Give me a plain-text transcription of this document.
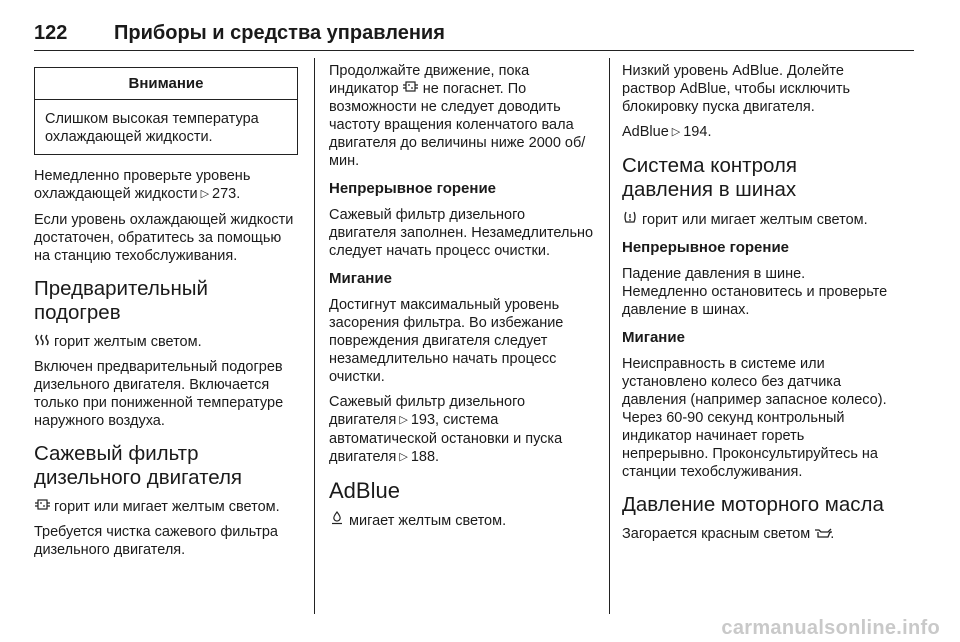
122 Приборы и средства управления
Внимание
Слишком высокая температура охлаждающей жидкости.

Немедленно проверьте уровень охлаждающей жидкости ▷ 273.

Если уровень охлаждающей жидкости достаточен, обратитесь за помощью на станцию техобслуживания.

Предварительный подогрев

горит желтым светом.

Включен предварительный подогрев дизельного двигателя. Включается только при пониженной температуре наружного воздуха.

Сажевый фильтр дизельного двигателя

горит или мигает желтым светом.

Требуется чистка сажевого фильтра дизельного двигателя.

Продолжайте движение, пока индикатор не погаснет. По возможности не следует доводить частоту вращения коленчатого вала двигателя до величины ниже 2000 об/мин.

Непрерывное горение

Сажевый фильтр дизельного двигателя заполнен. Незамедлительно следует начать процесс очистки.

Мигание

Достигнут максимальный уровень засорения фильтра. Во избежание повреждения двигателя следует незамедлительно начать процесс очистки.

Сажевый фильтр дизельного двигателя ▷ 193, система автоматической остановки и пуска двигателя ▷ 188.

AdBlue

мигает желтым светом.

Низкий уровень AdBlue. Долейте раствор AdBlue, чтобы исключить блокировку пуска двигателя.

AdBlue ▷ 194.

Система контроля давления в шинах

горит или мигает желтым светом.

Непрерывное горение

Падение давления в шине. Немедленно остановитесь и проверьте давление в шинах.

Мигание

Неисправность в системе или установлено колесо без датчика давления (например запасное колесо). Через 60-90 секунд контрольный индикатор начинает гореть непрерывно. Проконсультируйтесь на станции техобслуживания.

Давление моторного масла

Загорается красным светом .

carmanualsonline.info
